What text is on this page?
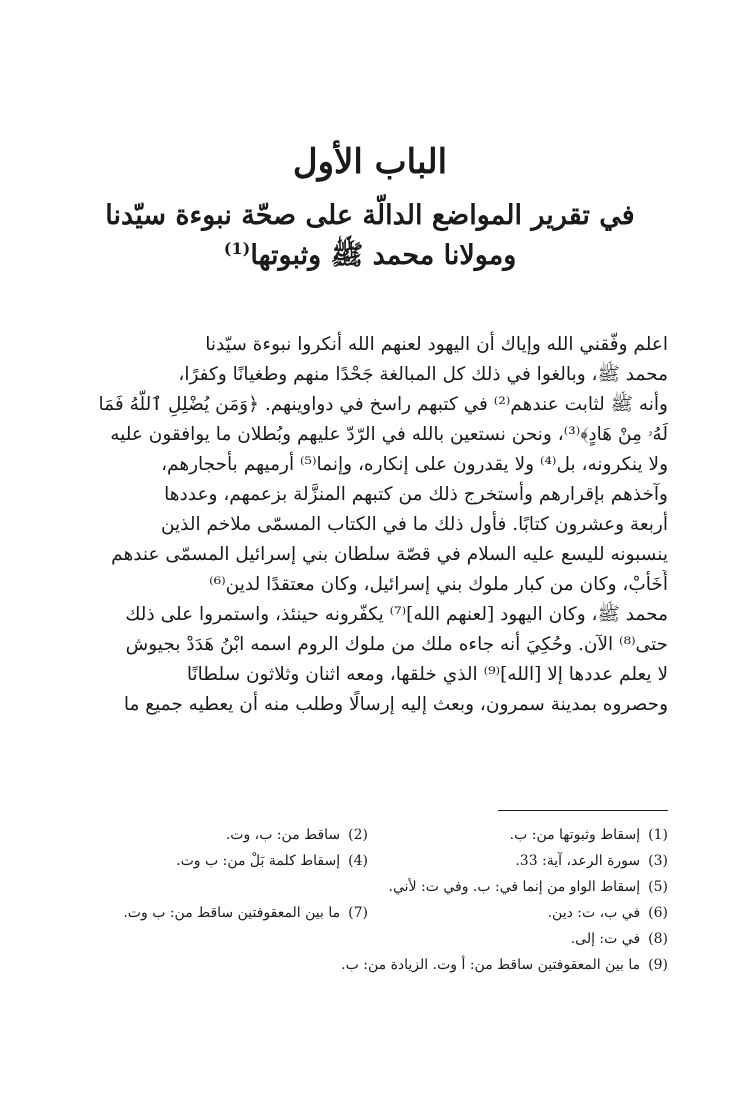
الباب الأول
في تقرير المواضع الدالّة على صحّة نبوءة سيّدنا
ومولانا محمد ﷺ وثبوتها$^{(1)}$
اعلم وفّقني الله وإياك أن اليهود لعنهم الله أنكروا نبوءة سيّدنا
محمد ﷺ، وبالغوا في ذلك كل المبالغة جَحْدًا منهم وطغيانًا وكفرًا،
وأنه ﷺ لثابت عندهم⁽²⁾ في كتبهم راسخ في دواوينهم. ﴿وَمَن يُضْلِلِ ٱللَّهُ فَمَا
لَهُۥ مِنْ هَادٍ﴾⁽³⁾، ونحن نستعين بالله في الرّدّ عليهم وبُطلان ما يوافقون عليه
ولا ينكرونه، بل⁽⁴⁾ ولا يقدرون على إنكاره، وإنما⁽⁵⁾ أرميهم بأحجارهم،
وآخذهم بإقرارهم وأستخرج ذلك من كتبهم المنزَّلة بزعمهم، وعددها
أربعة وعشرون كتابًا. فأول ذلك ما في الكتاب المسمّى ملاخم الذين
ينسبونه لليسع عليه السلام في قصّة سلطان بني إسرائيل المسمّى عندهم
أَخَأَبْ، وكان من كبار ملوك بني إسرائيل، وكان معتقدًا لدين⁽⁶⁾
محمد ﷺ، وكان اليهود [لعنهم الله]⁽⁷⁾ يكفّرونه حينئذ، واستمروا على ذلك
حتى⁽⁸⁾ الآن. وحُكِيَ أنه جاءه ملك من ملوك الروم اسمه ابْنُ هَدَدْ بجيوش
لا يعلم عددها إلا [الله]⁽⁹⁾ الذي خلقها، ومعه اثنان وثلاثون سلطانًا
وحصروه بمدينة سمرون، وبعث إليه إرسالًا وطلب منه أن يعطيه جميع ما
(1)إسقاط وثبوتها من: ب.
(2)ساقط من: ب، وت.
(3)سورة الرعد، آية: 33.
(4)إسقاط كلمة بَلْ من: ب وت.
(5)إسقاط الواو من إنما في: ب. وفي ت: لأني.
(6)في ب، ت: دين.
(7)ما بين المعقوفتين ساقط من: ب وت.
(8)في ت: إلى.
(9)ما بين المعقوفتين ساقط من: أ وت. الزيادة من: ب.
